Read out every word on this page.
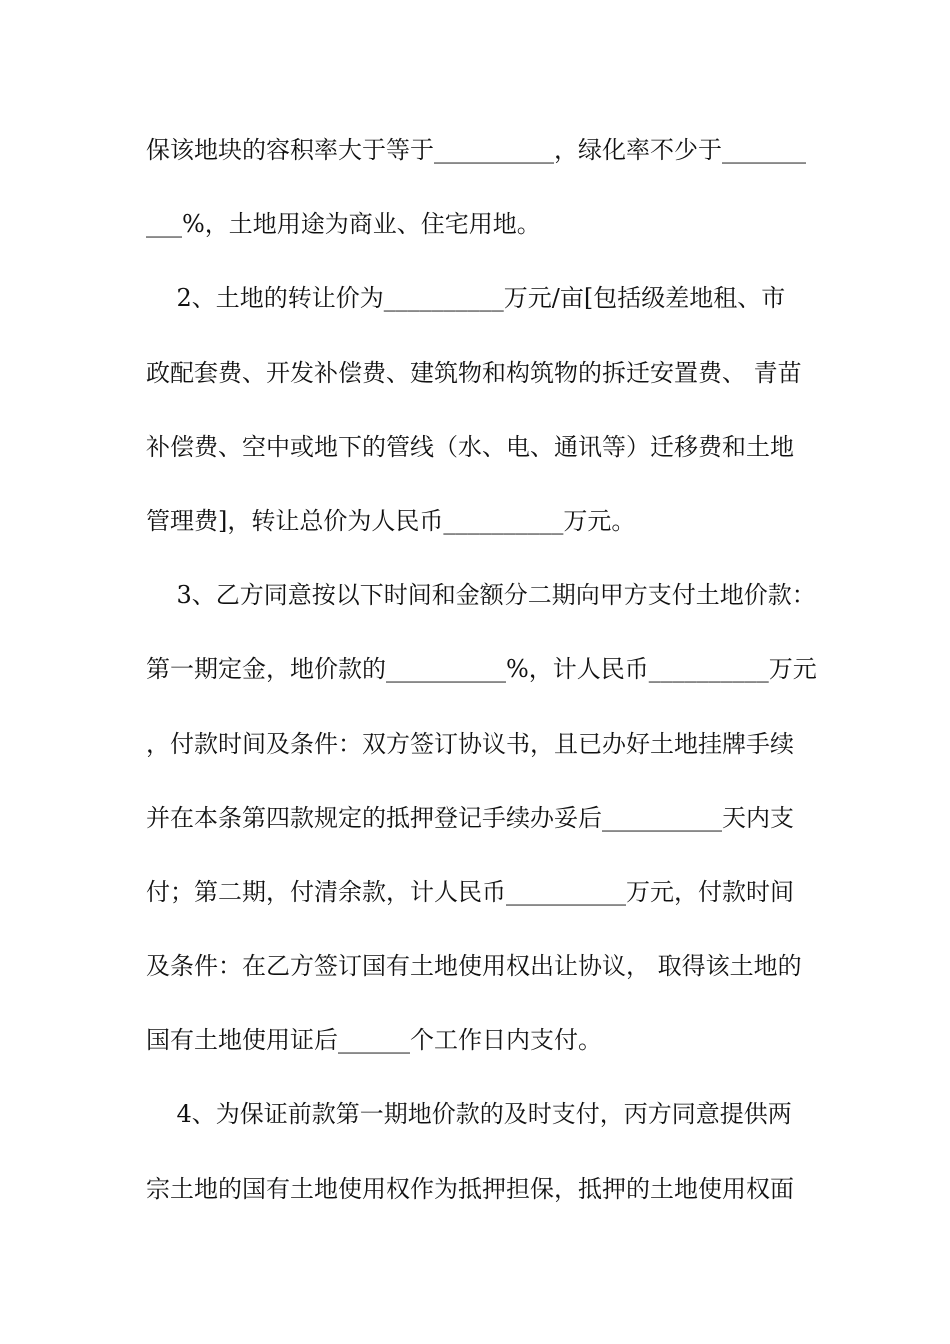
保该地块的容积率大于等于__________，绿化率不少于_______
___%，土地用途为商业、住宅用地。
2、土地的转让价为__________万元/亩[包括级差地租、市
政配套费、开发补偿费、建筑物和构筑物的拆迁安置费、 青苗
补偿费、空中或地下的管线（水、电、通讯等）迁移费和土地
管理费]，转让总价为人民币__________万元。
3、乙方同意按以下时间和金额分二期向甲方支付土地价款：
第一期定金，地价款的__________%，计人民币__________万元
，付款时间及条件：双方签订协议书，且已办好土地挂牌手续
并在本条第四款规定的抵押登记手续办妥后__________天内支
付；第二期，付清余款，计人民币__________万元，付款时间
及条件：在乙方签订国有土地使用权出让协议， 取得该土地的
国有土地使用证后______个工作日内支付。
4、为保证前款第一期地价款的及时支付，丙方同意提供两
宗土地的国有土地使用权作为抵押担保，抵押的土地使用权面
